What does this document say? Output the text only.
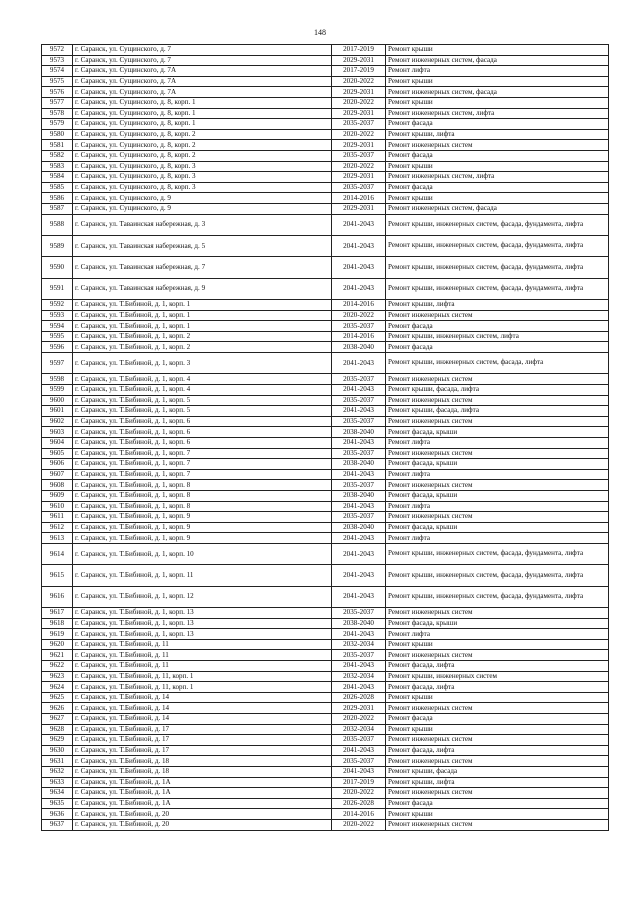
148
9572	г. Саранск, ул. Сущинского, д. 7	2017-2019	Ремонт крыши
9573	г. Саранск, ул. Сущинского, д. 7	2029-2031	Ремонт инженерных систем, фасада
9574	г. Саранск, ул. Сущинского, д. 7А	2017-2019	Ремонт лифта
9575	г. Саранск, ул. Сущинского, д. 7А	2020-2022	Ремонт крыши
9576	г. Саранск, ул. Сущинского, д. 7А	2029-2031	Ремонт инженерных систем, фасада
9577	г. Саранск, ул. Сущинского, д. 8, корп. 1	2020-2022	Ремонт крыши
9578	г. Саранск, ул. Сущинского, д. 8, корп. 1	2029-2031	Ремонт инженерных систем, лифта
9579	г. Саранск, ул. Сущинского, д. 8, корп. 1	2035-2037	Ремонт фасада
9580	г. Саранск, ул. Сущинского, д. 8, корп. 2	2020-2022	Ремонт крыши, лифта
9581	г. Саранск, ул. Сущинского, д. 8, корп. 2	2029-2031	Ремонт инженерных систем
9582	г. Саранск, ул. Сущинского, д. 8, корп. 2	2035-2037	Ремонт фасада
9583	г. Саранск, ул. Сущинского, д. 8, корп. 3	2020-2022	Ремонт крыши
9584	г. Саранск, ул. Сущинского, д. 8, корп. 3	2029-2031	Ремонт инженерных систем, лифта
9585	г. Саранск, ул. Сущинского, д. 8, корп. 3	2035-2037	Ремонт фасада
9586	г. Саранск, ул. Сущинского, д. 9	2014-2016	Ремонт крыши
9587	г. Саранск, ул. Сущинского, д. 9	2029-2031	Ремонт инженерных систем, фасада
9588	г. Саранск, ул. Таваинская набережная, д. 3	2041-2043	Ремонт крыши, инженерных систем, фасада, фундамента, лифта
9589	г. Саранск, ул. Таваинская набережная, д. 5	2041-2043	Ремонт крыши, инженерных систем, фасада, фундамента, лифта
9590	г. Саранск, ул. Таваинская набережная, д. 7	2041-2043	Ремонт крыши, инженерных систем, фасада, фундамента, лифта
9591	г. Саранск, ул. Таваинская набережная, д. 9	2041-2043	Ремонт крыши, инженерных систем, фасада, фундамента, лифта
9592	г. Саранск, ул. Т.Бибиной, д. 1, корп. 1	2014-2016	Ремонт крыши, лифта
9593	г. Саранск, ул. Т.Бибиной, д. 1, корп. 1	2020-2022	Ремонт инженерных систем
9594	г. Саранск, ул. Т.Бибиной, д. 1, корп. 1	2035-2037	Ремонт фасада
9595	г. Саранск, ул. Т.Бибиной, д. 1, корп. 2	2014-2016	Ремонт крыши, инженерных систем, лифта
9596	г. Саранск, ул. Т.Бибиной, д. 1, корп. 2	2038-2040	Ремонт фасада
9597	г. Саранск, ул. Т.Бибиной, д. 1, корп. 3	2041-2043	Ремонт крыши, инженерных систем, фасада, лифта
9598	г. Саранск, ул. Т.Бибиной, д. 1, корп. 4	2035-2037	Ремонт инженерных систем
9599	г. Саранск, ул. Т.Бибиной, д. 1, корп. 4	2041-2043	Ремонт крыши, фасада, лифта
9600	г. Саранск, ул. Т.Бибиной, д. 1, корп. 5	2035-2037	Ремонт инженерных систем
9601	г. Саранск, ул. Т.Бибиной, д. 1, корп. 5	2041-2043	Ремонт крыши, фасада, лифта
9602	г. Саранск, ул. Т.Бибиной, д. 1, корп. 6	2035-2037	Ремонт инженерных систем
9603	г. Саранск, ул. Т.Бибиной, д. 1, корп. 6	2038-2040	Ремонт фасада, крыши
9604	г. Саранск, ул. Т.Бибиной, д. 1, корп. 6	2041-2043	Ремонт лифта
9605	г. Саранск, ул. Т.Бибиной, д. 1, корп. 7	2035-2037	Ремонт инженерных систем
9606	г. Саранск, ул. Т.Бибиной, д. 1, корп. 7	2038-2040	Ремонт фасада, крыши
9607	г. Саранск, ул. Т.Бибиной, д. 1, корп. 7	2041-2043	Ремонт лифта
9608	г. Саранск, ул. Т.Бибиной, д. 1, корп. 8	2035-2037	Ремонт инженерных систем
9609	г. Саранск, ул. Т.Бибиной, д. 1, корп. 8	2038-2040	Ремонт фасада, крыши
9610	г. Саранск, ул. Т.Бибиной, д. 1, корп. 8	2041-2043	Ремонт лифта
9611	г. Саранск, ул. Т.Бибиной, д. 1, корп. 9	2035-2037	Ремонт инженерных систем
9612	г. Саранск, ул. Т.Бибиной, д. 1, корп. 9	2038-2040	Ремонт фасада, крыши
9613	г. Саранск, ул. Т.Бибиной, д. 1, корп. 9	2041-2043	Ремонт лифта
9614	г. Саранск, ул. Т.Бибиной, д. 1, корп. 10	2041-2043	Ремонт крыши, инженерных систем, фасада, фундамента, лифта
9615	г. Саранск, ул. Т.Бибиной, д. 1, корп. 11	2041-2043	Ремонт крыши, инженерных систем, фасада, фундамента, лифта
9616	г. Саранск, ул. Т.Бибиной, д. 1, корп. 12	2041-2043	Ремонт крыши, инженерных систем, фасада, фундамента, лифта
9617	г. Саранск, ул. Т.Бибиной, д. 1, корп. 13	2035-2037	Ремонт инженерных систем
9618	г. Саранск, ул. Т.Бибиной, д. 1, корп. 13	2038-2040	Ремонт фасада, крыши
9619	г. Саранск, ул. Т.Бибиной, д. 1, корп. 13	2041-2043	Ремонт лифта
9620	г. Саранск, ул. Т.Бибиной, д. 11	2032-2034	Ремонт крыши
9621	г. Саранск, ул. Т.Бибиной, д. 11	2035-2037	Ремонт инженерных систем
9622	г. Саранск, ул. Т.Бибиной, д. 11	2041-2043	Ремонт фасада, лифта
9623	г. Саранск, ул. Т.Бибиной, д. 11, корп. 1	2032-2034	Ремонт крыши, инженерных систем
9624	г. Саранск, ул. Т.Бибиной, д. 11, корп. 1	2041-2043	Ремонт фасада, лифта
9625	г. Саранск, ул. Т.Бибиной, д. 14	2026-2028	Ремонт крыши
9626	г. Саранск, ул. Т.Бибиной, д. 14	2029-2031	Ремонт инженерных систем
9627	г. Саранск, ул. Т.Бибиной, д. 14	2020-2022	Ремонт фасада
9628	г. Саранск, ул. Т.Бибиной, д. 17	2032-2034	Ремонт крыши
9629	г. Саранск, ул. Т.Бибиной, д. 17	2035-2037	Ремонт инженерных систем
9630	г. Саранск, ул. Т.Бибиной, д. 17	2041-2043	Ремонт фасада, лифта
9631	г. Саранск, ул. Т.Бибиной, д. 18	2035-2037	Ремонт инженерных систем
9632	г. Саранск, ул. Т.Бибиной, д. 18	2041-2043	Ремонт крыши, фасада
9633	г. Саранск, ул. Т.Бибиной, д. 1А	2017-2019	Ремонт крыши, лифта
9634	г. Саранск, ул. Т.Бибиной, д. 1А	2020-2022	Ремонт инженерных систем
9635	г. Саранск, ул. Т.Бибиной, д. 1А	2026-2028	Ремонт фасада
9636	г. Саранск, ул. Т.Бибиной, д. 20	2014-2016	Ремонт крыши
9637	г. Саранск, ул. Т.Бибиной, д. 20	2020-2022	Ремонт инженерных систем
